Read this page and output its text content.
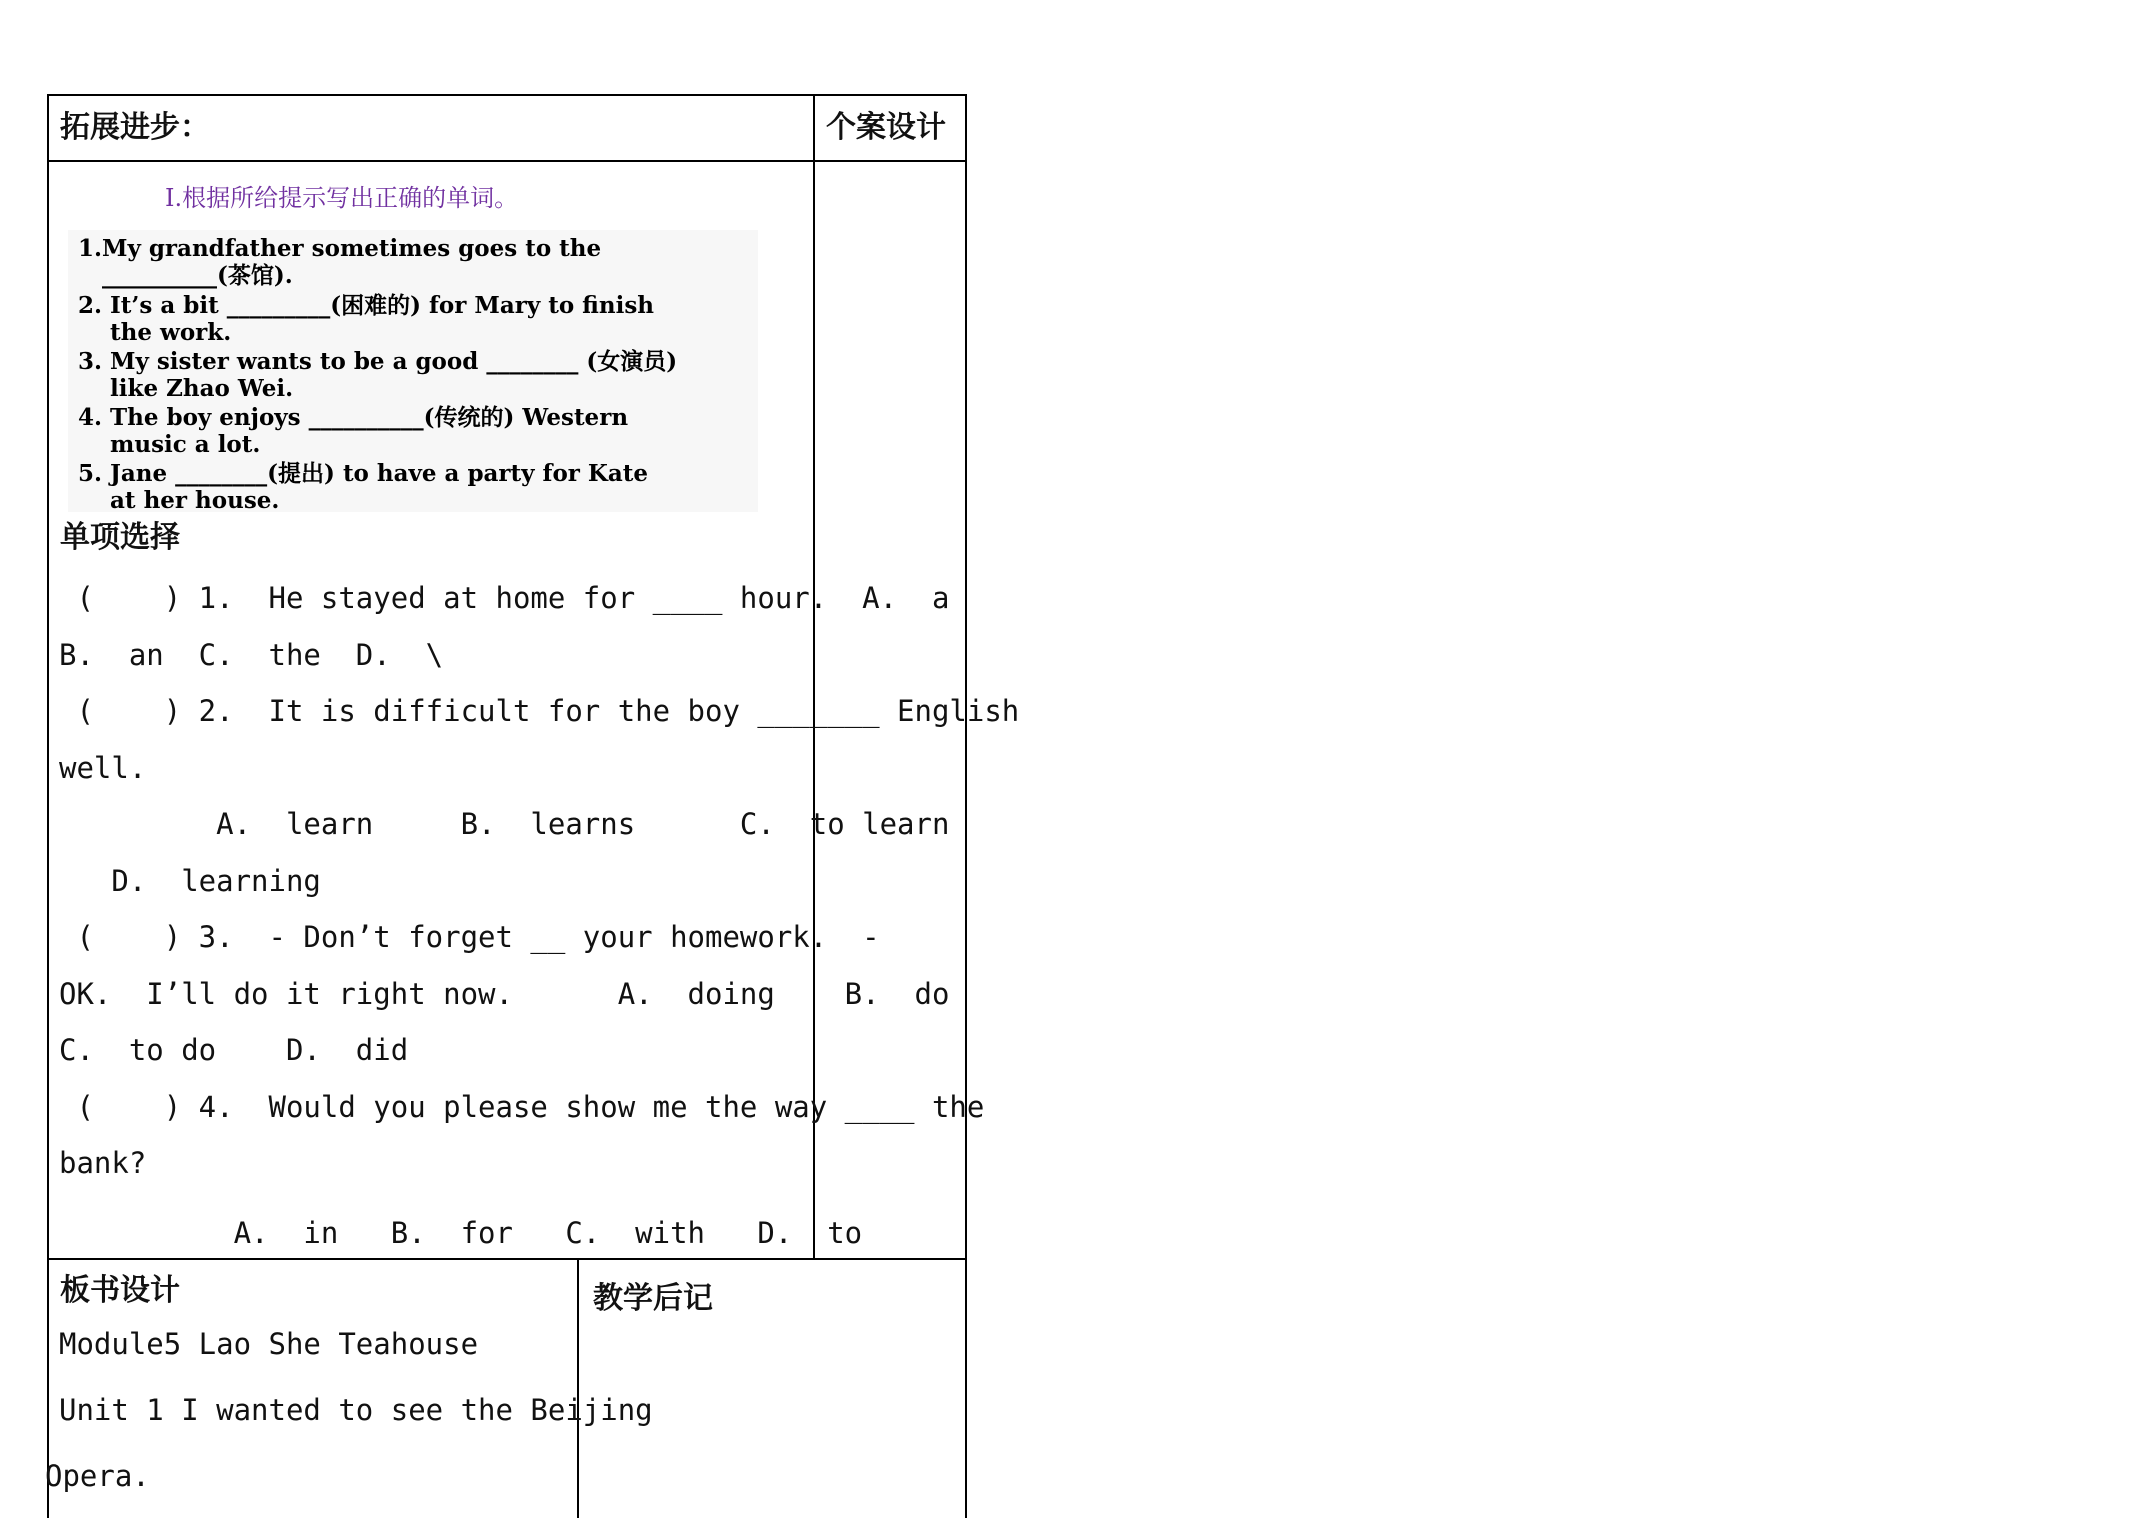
拓展进步：	个案设计
Ⅰ.根据所给提示写出正确的单词。
1.My grandfather sometimes goes to the
__________(茶馆).
2. It’s a bit _________(困难的) for Mary to finish
the work.
3. My sister wants to be a good ________ (女演员)
like Zhao Wei.
4. The boy enjoys __________(传统的) Western
music a lot.
5. Jane ________(提出) to have a party for Kate
at her house.
单项选择
(    ) 1.  He stayed at home for ____ hour.  A.  a
B.  an  C.  the  D.  \
(    ) 2.  It is difficult for the boy _______ English
well.
A.  learn     B.  learns      C.  to learn
D.  learning
(    ) 3.  - Don’t forget __ your homework.  -
OK.  I’ll do it right now.      A.  doing    B.  do
C.  to do    D.  did
(    ) 4.  Would you please show me the way ____ the
bank?
A.  in   B.  for   C.  with   D.  to
板书设计
Module5 Lao She Teahouse
Unit 1 I wanted to see the Beijing
Opera.
教学后记
